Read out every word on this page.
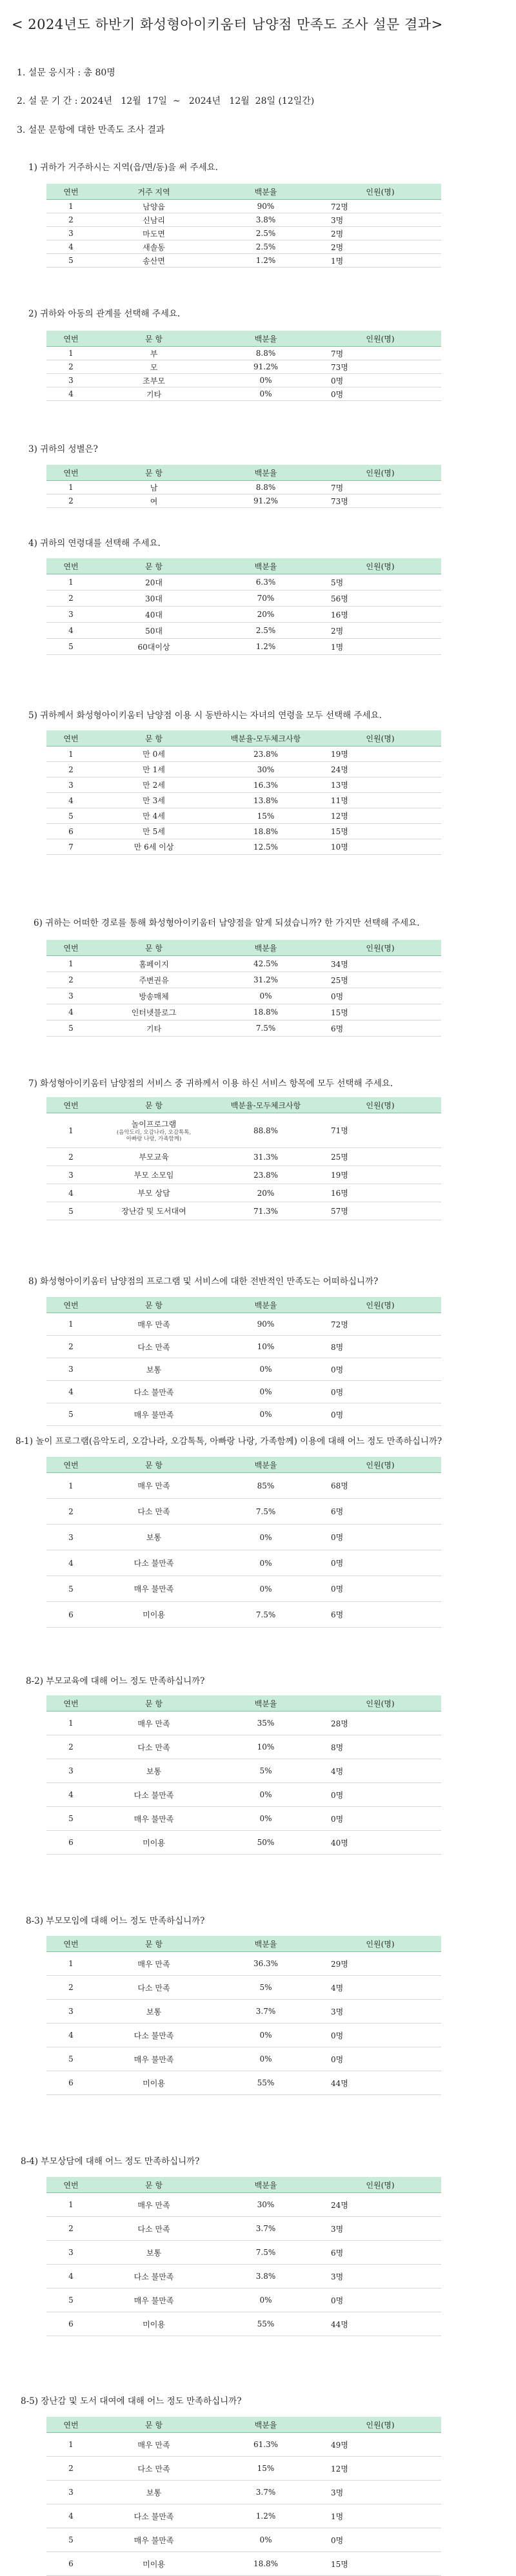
< 2024년도 하반기 화성형아이키움터 남양점 만족도 조사 설문 결과>

1. 설문 응시자 : 총 80명

2. 설 문 기 간 : 2024년   12월  17일  ~   2024년   12월  28일 (12일간)

3. 설문 문항에 대한 만족도 조사 결과

1) 귀하가 거주하시는 지역(읍/면/동)을 써 주세요.

연번	거주 지역	백분율	인원(명)
1	남양읍	90%	72명
2	신남리	3.8%	3명
3	마도면	2.5%	2명
4	새솔동	2.5%	2명
5	송산면	1.2%	1명

2) 귀하와 아동의 관계를 선택해 주세요.

연번	문 항	백분율	인원(명)
1	부	8.8%	7명
2	모	91.2%	73명
3	조부모	0%	0명
4	기타	0%	0명

3) 귀하의 성별은?

연번	문 항	백분율	인원(명)
1	남	8.8%	7명
2	여	91.2%	73명

4) 귀하의 연령대를 선택해 주세요.

연번	문 항	백분율	인원(명)
1	20대	6.3%	5명
2	30대	70%	56명
3	40대	20%	16명
4	50대	2.5%	2명
5	60대이상	1.2%	1명

5) 귀하께서 화성형아이키움터 남양점 이용 시 동반하시는 자녀의 연령을 모두 선택해 주세요.

연번	문 항	백분율-모두체크사항	인원(명)
1	만 0세	23.8%	19명
2	만 1세	30%	24명
3	만 2세	16.3%	13명
4	만 3세	13.8%	11명
5	만 4세	15%	12명
6	만 5세	18.8%	15명
7	만 6세 이상	12.5%	10명

6) 귀하는 어떠한 경로를 통해 화성형아이키움터 남양점을 알게 되셨습니까? 한 가지만 선택해 주세요.

연번	문 항	백분율	인원(명)
1	홈페이지	42.5%	34명
2	주변권유	31.2%	25명
3	방송매체	0%	0명
4	인터넷블로그	18.8%	15명
5	기타	7.5%	6명

7) 화성형아이키움터 남양점의 서비스 중 귀하께서 이용 하신 서비스 항목에 모두 선택해 주세요.

연번	문 항	백분율-모두체크사항	인원(명)
1	놀이프로그램
(음악도리, 오감나라, 오감톡톡,
아빠랑 나랑, 가족함께)	88.8%	71명
2	부모교육	31.3%	25명
3	부모 소모임	23.8%	19명
4	부모 상담	20%	16명
5	장난감 및 도서대여	71.3%	57명

8) 화성형아이키움터 남양점의 프로그램 및 서비스에 대한 전반적인 만족도는 어떠하십니까?

연번	문 항	백분율	인원(명)
1	매우 만족	90%	72명
2	다소 만족	10%	8명
3	보통	0%	0명
4	다소 불만족	0%	0명
5	매우 불만족	0%	0명

8-1) 놀이 프로그램(음악도리, 오감나라, 오감톡톡, 아빠랑 나랑, 가족함께) 이용에 대해 어느 정도 만족하십니까?

연번	문 항	백분율	인원(명)
1	매우 만족	85%	68명
2	다소 만족	7.5%	6명
3	보통	0%	0명
4	다소 불만족	0%	0명
5	매우 불만족	0%	0명
6	미이용	7.5%	6명

8-2) 부모교육에 대해 어느 정도 만족하십니까?

연번	문 항	백분율	인원(명)
1	매우 만족	35%	28명
2	다소 만족	10%	8명
3	보통	5%	4명
4	다소 불만족	0%	0명
5	매우 불만족	0%	0명
6	미이용	50%	40명

8-3) 부모모임에 대해 어느 정도 만족하십니까?

연번	문 항	백분율	인원(명)
1	매우 만족	36.3%	29명
2	다소 만족	5%	4명
3	보통	3.7%	3명
4	다소 불만족	0%	0명
5	매우 불만족	0%	0명
6	미이용	55%	44명

8-4) 부모상담에 대해 어느 정도 만족하십니까?

연번	문 항	백분율	인원(명)
1	매우 만족	30%	24명
2	다소 만족	3.7%	3명
3	보통	7.5%	6명
4	다소 불만족	3.8%	3명
5	매우 불만족	0%	0명
6	미이용	55%	44명

8-5) 장난감 및 도서 대여에 대해 어느 정도 만족하십니까?

연번	문 항	백분율	인원(명)
1	매우 만족	61.3%	49명
2	다소 만족	15%	12명
3	보통	3.7%	3명
4	다소 불만족	1.2%	1명
5	매우 불만족	0%	0명
6	미이용	18.8%	15명
